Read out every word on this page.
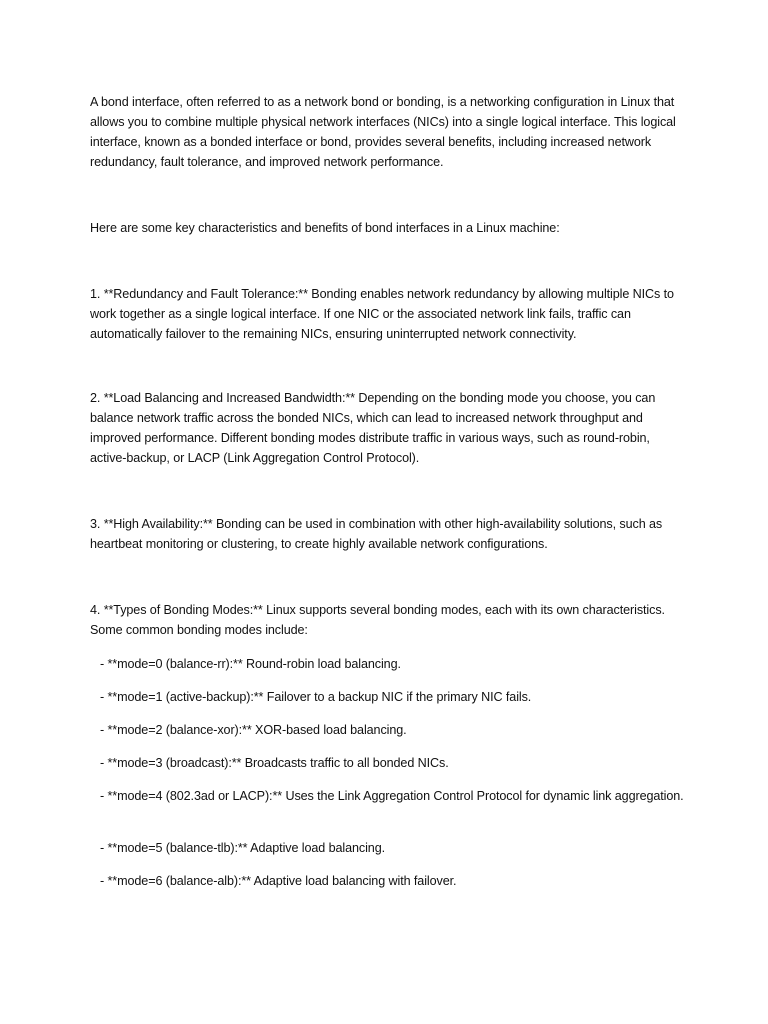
A bond interface, often referred to as a network bond or bonding, is a networking configuration in Linux that allows you to combine multiple physical network interfaces (NICs) into a single logical interface. This logical interface, known as a bonded interface or bond, provides several benefits, including increased network redundancy, fault tolerance, and improved network performance.

Here are some key characteristics and benefits of bond interfaces in a Linux machine:

1. **Redundancy and Fault Tolerance:** Bonding enables network redundancy by allowing multiple NICs to work together as a single logical interface. If one NIC or the associated network link fails, traffic can automatically failover to the remaining NICs, ensuring uninterrupted network connectivity.

2. **Load Balancing and Increased Bandwidth:** Depending on the bonding mode you choose, you can balance network traffic across the bonded NICs, which can lead to increased network throughput and improved performance. Different bonding modes distribute traffic in various ways, such as round-robin, active-backup, or LACP (Link Aggregation Control Protocol).

3. **High Availability:** Bonding can be used in combination with other high-availability solutions, such as heartbeat monitoring or clustering, to create highly available network configurations.

4. **Types of Bonding Modes:** Linux supports several bonding modes, each with its own characteristics. Some common bonding modes include:

- **mode=0 (balance-rr):** Round-robin load balancing.

- **mode=1 (active-backup):** Failover to a backup NIC if the primary NIC fails.

- **mode=2 (balance-xor):** XOR-based load balancing.

- **mode=3 (broadcast):** Broadcasts traffic to all bonded NICs.

- **mode=4 (802.3ad or LACP):** Uses the Link Aggregation Control Protocol for dynamic link aggregation.

- **mode=5 (balance-tlb):** Adaptive load balancing.

- **mode=6 (balance-alb):** Adaptive load balancing with failover.
